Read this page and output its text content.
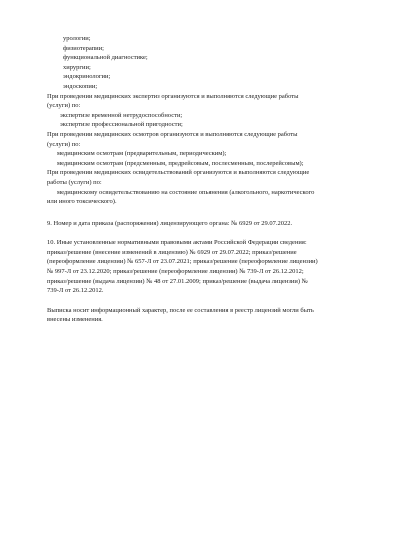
урологии;
физиотерапии;
функциональной диагностике;
хирургии;
эндокринологии;
эндоскопии;
При проведении медицинских экспертиз организуются и выполняются следующие работы
(услуги) по:
экспертизе временной нетрудоспособности;
экспертизе профессиональной пригодности;
При проведении медицинских осмотров организуются и выполняются следующие работы
(услуги) по:
медицинским осмотрам (предварительным, периодическим);
медицинским осмотрам (предсменным, предрейсовым, послесменным, послерейсовым);
При проведении медицинских освидетельствований организуются и выполняются следующие
работы (услуги) по:
медицинскому освидетельствованию на состояние опьянения (алкогольного, наркотического
или иного токсического).
9. Номер и дата приказа (распоряжения) лицензирующего органа: № 6929 от 29.07.2022.
10. Иные установленные нормативными правовыми актами Российской Федерации сведения:
приказ/решение (внесение изменений в лицензию) № 6929 от 29.07.2022; приказ/решение
(переоформление лицензии) № 657-Л от 23.07.2021; приказ/решение (переоформление лицензии)
№ 997-Л от 23.12.2020; приказ/решение (переоформление лицензии) № 739-Л от 26.12.2012;
приказ/решение (выдача лицензии) № 48 от 27.01.2009; приказ/решение (выдача лицензии) №
739-Л от 26.12.2012.
Выписка носит информационный характер, после ее составления в реестр лицензий могли быть
внесены изменения.
